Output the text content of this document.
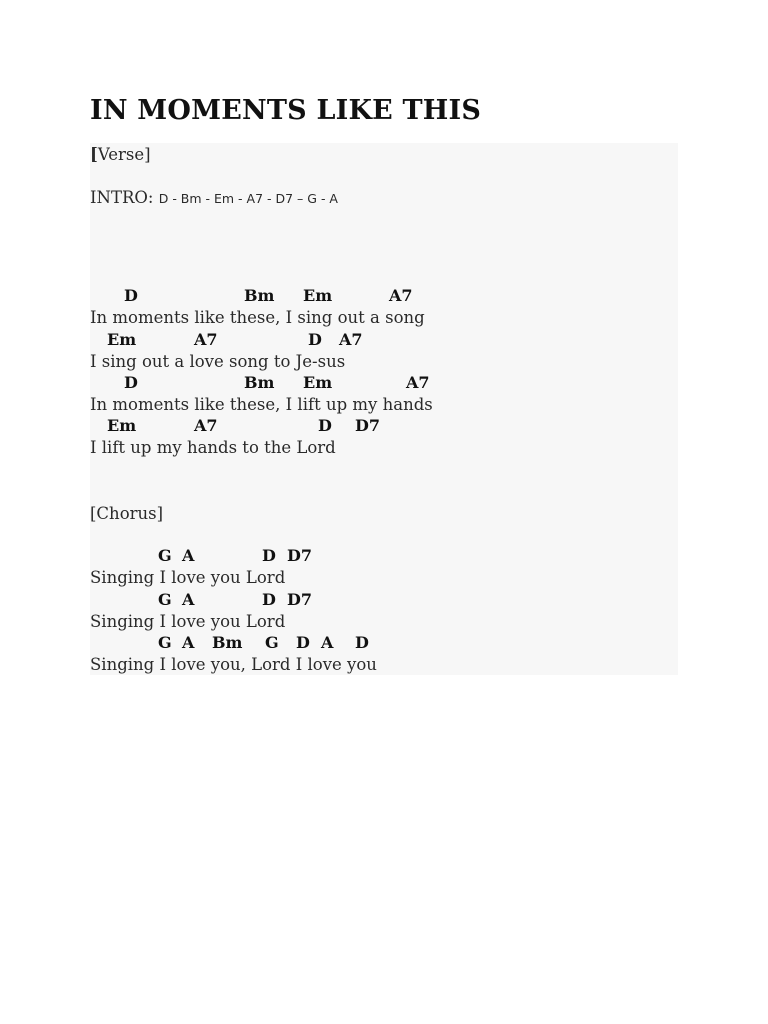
IN MOMENTS LIKE THIS
[Verse]
INTRO: D - Bm - Em - A7 - D7 – G - A
D	Bm Em	A7
In moments like these, I sing out a song
Em	A7	D A7
I sing out a love song to Je-sus
D	Bm Em	A7
In moments like these, I lift up my hands
Em	A7	D D7
I lift up my hands to the Lord
[Chorus]
G A	D D7
Singing I love you Lord
G A	D D7
Singing I love you Lord
G A Bm G D A D
Singing I love you, Lord I love you
